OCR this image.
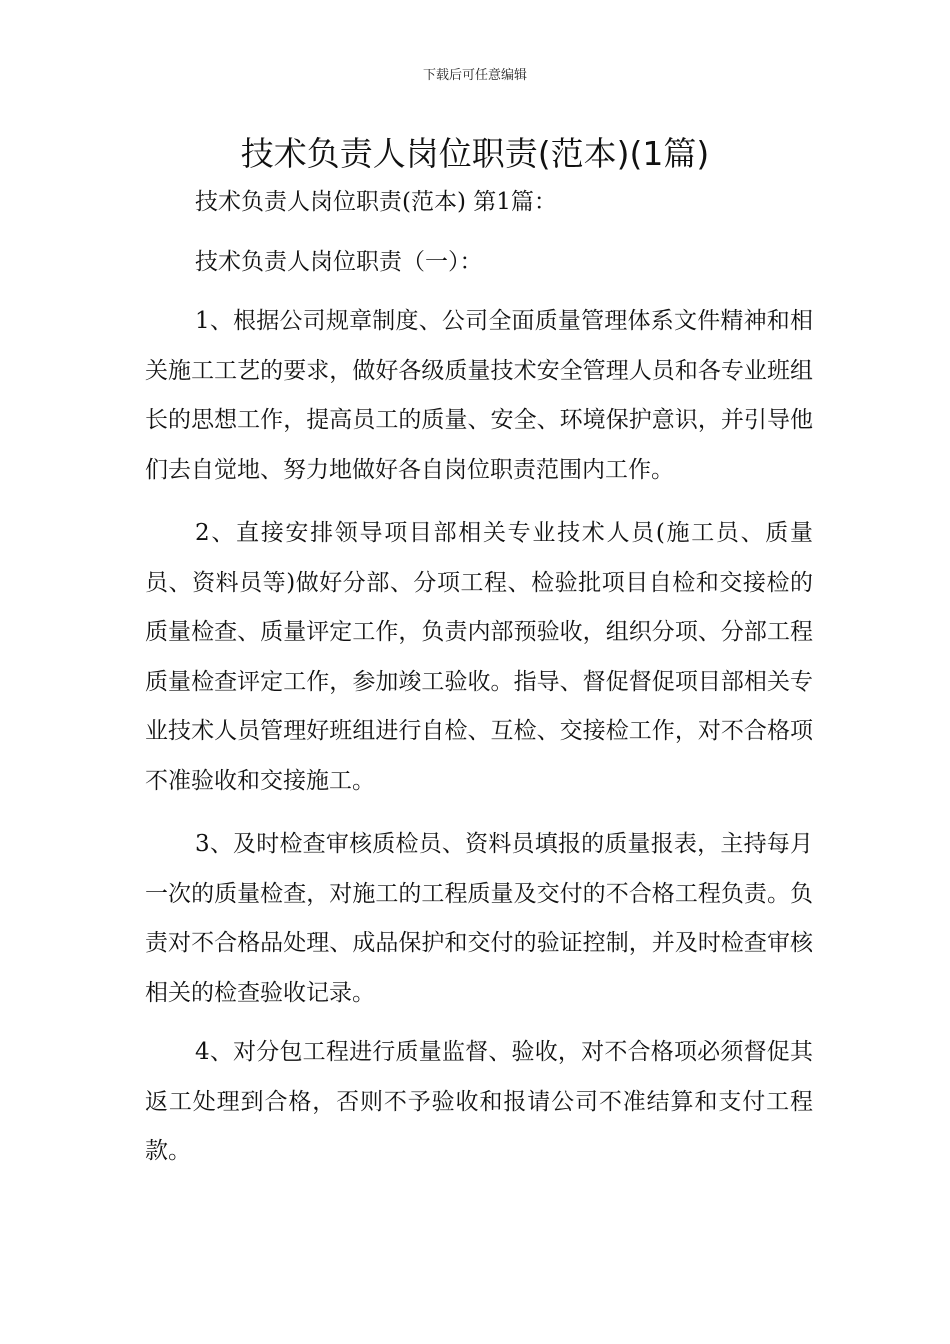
下载后可任意编辑
技术负责人岗位职责(范本)(1篇)

技术负责人岗位职责(范本) 第1篇：

技术负责人岗位职责（一）：

1、根据公司规章制度、公司全面质量管理体系文件精神和相关施工工艺的要求，做好各级质量技术安全管理人员和各专业班组长的思想工作，提高员工的质量、安全、环境保护意识，并引导他们去自觉地、努力地做好各自岗位职责范围内工作。

2、直接安排领导项目部相关专业技术人员(施工员、质量员、资料员等)做好分部、分项工程、检验批项目自检和交接检的质量检查、质量评定工作，负责内部预验收，组织分项、分部工程质量检查评定工作，参加竣工验收。指导、督促督促项目部相关专业技术人员管理好班组进行自检、互检、交接检工作，对不合格项不准验收和交接施工。

3、及时检查审核质检员、资料员填报的质量报表，主持每月一次的质量检查，对施工的工程质量及交付的不合格工程负责。负责对不合格品处理、成品保护和交付的验证控制，并及时检查审核相关的检查验收记录。

4、对分包工程进行质量监督、验收，对不合格项必须督促其返工处理到合格，否则不予验收和报请公司不准结算和支付工程款。
